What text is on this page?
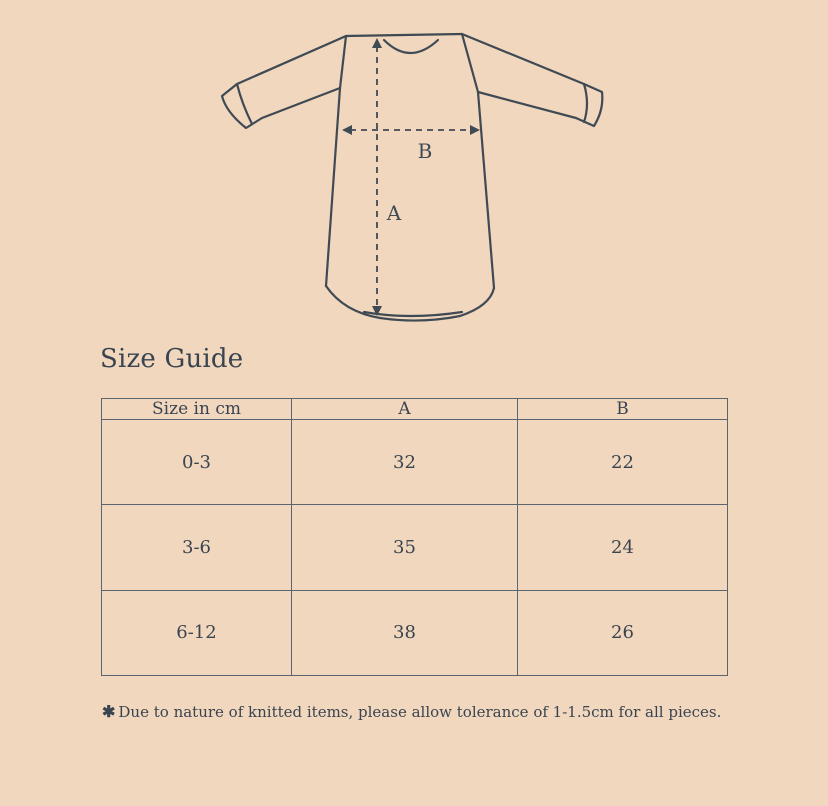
B
A
Size Guide
Size in cm	A	B
0-3	32	22
3-6	35	24
6-12	38	26
✱ Due to nature of knitted items, please allow tolerance of 1-1.5cm for all pieces.
